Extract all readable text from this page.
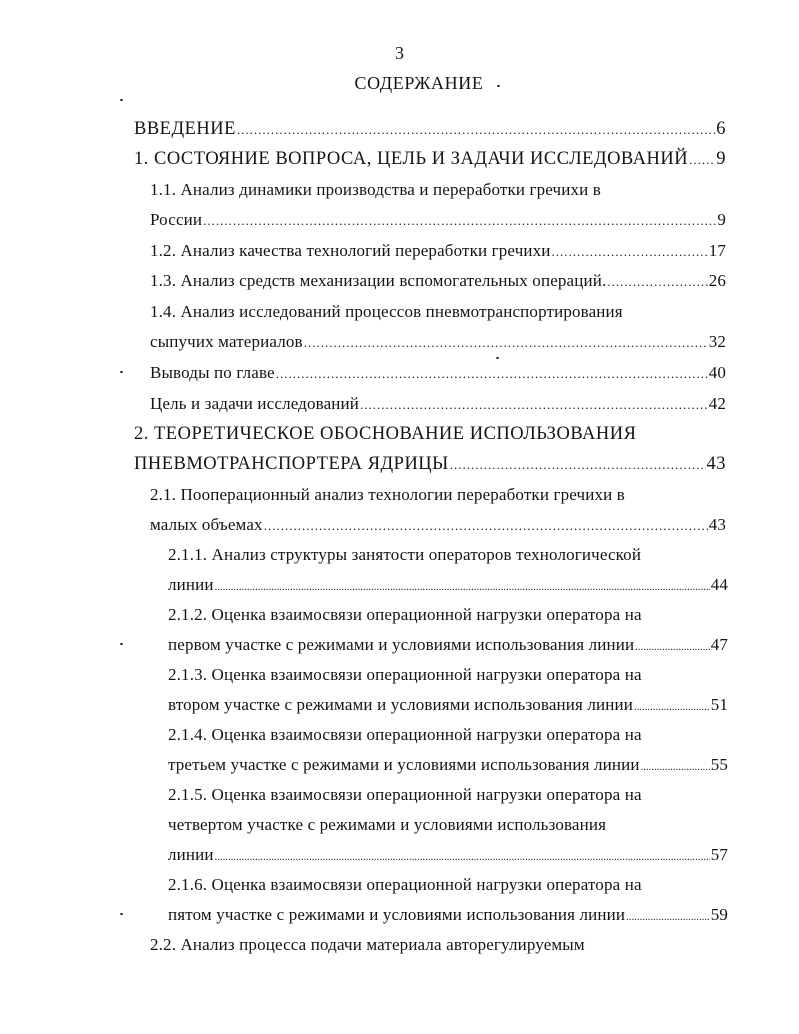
3
СОДЕРЖАНИЕ
ВВЕДЕНИЕ .....	6
1. СОСТОЯНИЕ ВОПРОСА, ЦЕЛЬ И ЗАДАЧИ ИССЛЕДОВАНИЙ ..... 9
1.1. Анализ динамики производства и переработки гречихи в
России .....	9
1.2. Анализ качества технологий переработки гречихи .....	17
1.3. Анализ средств механизации вспомогательных операций. .....	26
1.4. Анализ исследований процессов пневмотранспортирования
сыпучих материалов .....	32
Выводы по главе .....	40
Цель и задачи исследований .....	42
2. ТЕОРЕТИЧЕСКОЕ ОБОСНОВАНИЕ ИСПОЛЬЗОВАНИЯ
ПНЕВМОТРАНСПОРТЕРА ЯДРИЦЫ .....	43
2.1. Пооперационный анализ технологии переработки гречихи в
малых объемах .....	43
2.1.1. Анализ структуры занятости операторов технологической
линии .....	44
2.1.2. Оценка взаимосвязи операционной нагрузки оператора на
первом участке с режимами и условиями использования линии .....	47
2.1.3. Оценка взаимосвязи операционной нагрузки оператора на
втором участке с режимами и условиями использования линии .....	51
2.1.4. Оценка взаимосвязи операционной нагрузки оператора на
третьем участке с режимами и условиями использования линии .....	55
2.1.5. Оценка взаимосвязи операционной нагрузки оператора на
четвертом участке с режимами и условиями использования
линии .....	57
2.1.6. Оценка взаимосвязи операционной нагрузки оператора на
пятом участке с режимами и условиями использования линии .....	59
2.2. Анализ процесса подачи материала авторегулируемым
